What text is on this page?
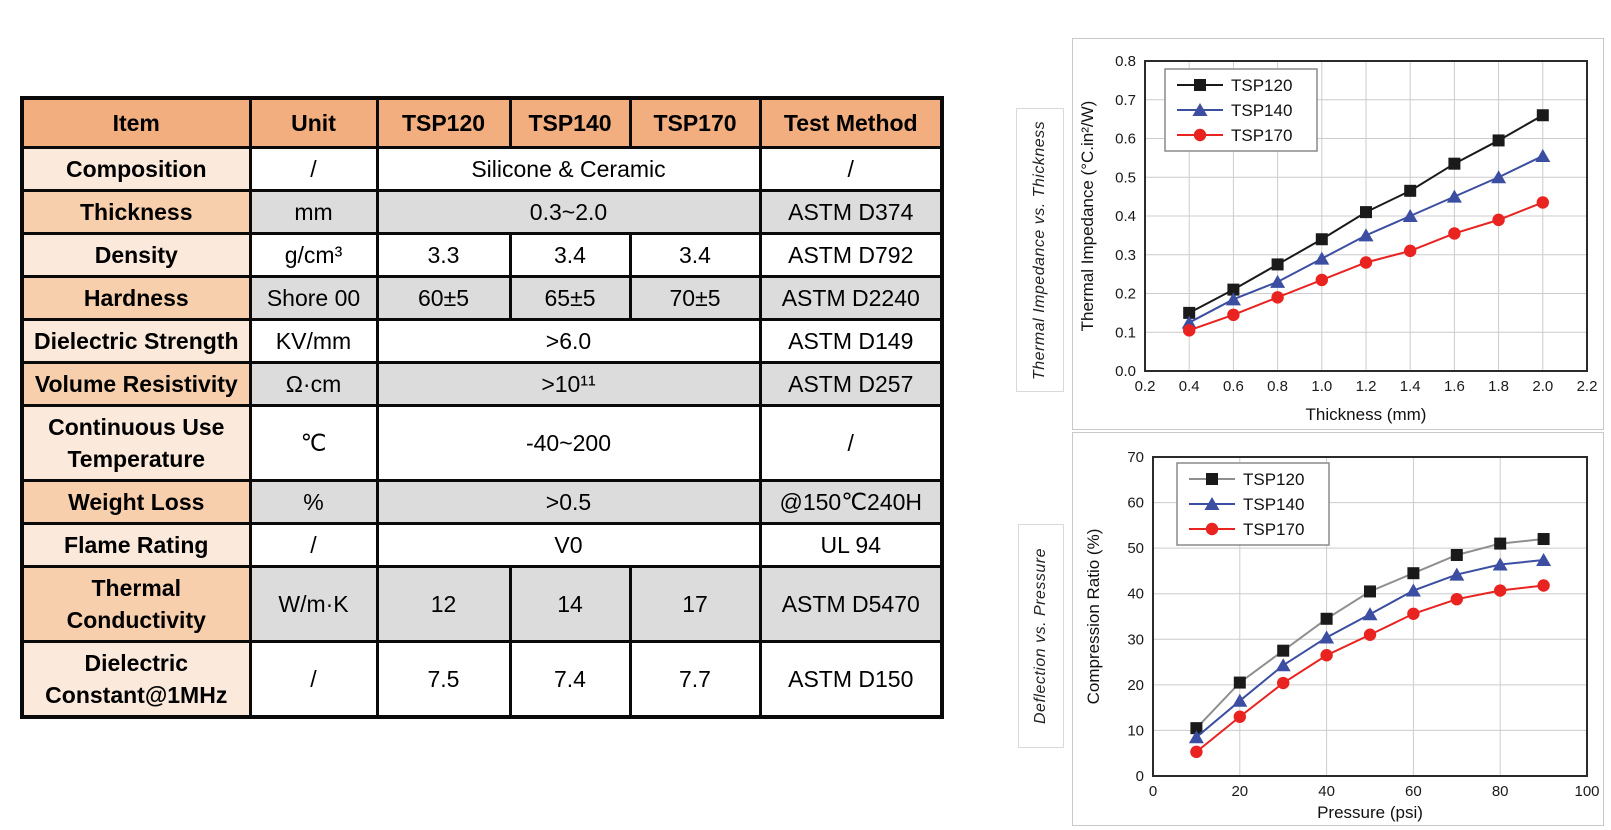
Item	Unit	TSP120	TSP140	TSP170	Test Method
Composition	/	Silicone & Ceramic			/
Thickness	mm	0.3~2.0			ASTM D374
Density	g/cm³	3.3	3.4	3.4	ASTM D792
Hardness	Shore 00	60±5	65±5	70±5	ASTM D2240
Dielectric Strength	KV/mm	>6.0			ASTM D149
Volume Resistivity	Ω·cm	>10¹¹			ASTM D257
Continuous Use Temperature	℃	-40~200			/
Weight Loss	%	>0.5			@150℃240H
Flame Rating	/	V0			UL 94
Thermal Conductivity	W/m·K	12	14	17	ASTM D5470
Dielectric Constant@1MHz	/	7.5	7.4	7.7	ASTM D150
Thermal Impedance vs. Thickness
0.2 0.4 0.6 0.8 1.0 1.2 1.4 1.6 1.8 2.0 2.2
0.0
0.1
0.2
0.3
0.4
0.5
0.6
0.7
0.8
Thickness (mm)
Thermal Impedance (°C.in²/W)
TSP120
TSP140
TSP170
Deflection vs. Pressure
0	20	40	60	80	100
0
10
20
30
40
50
60
70
Pressure (psi)
Compression Ratio (%)
TSP120
TSP140
TSP170
